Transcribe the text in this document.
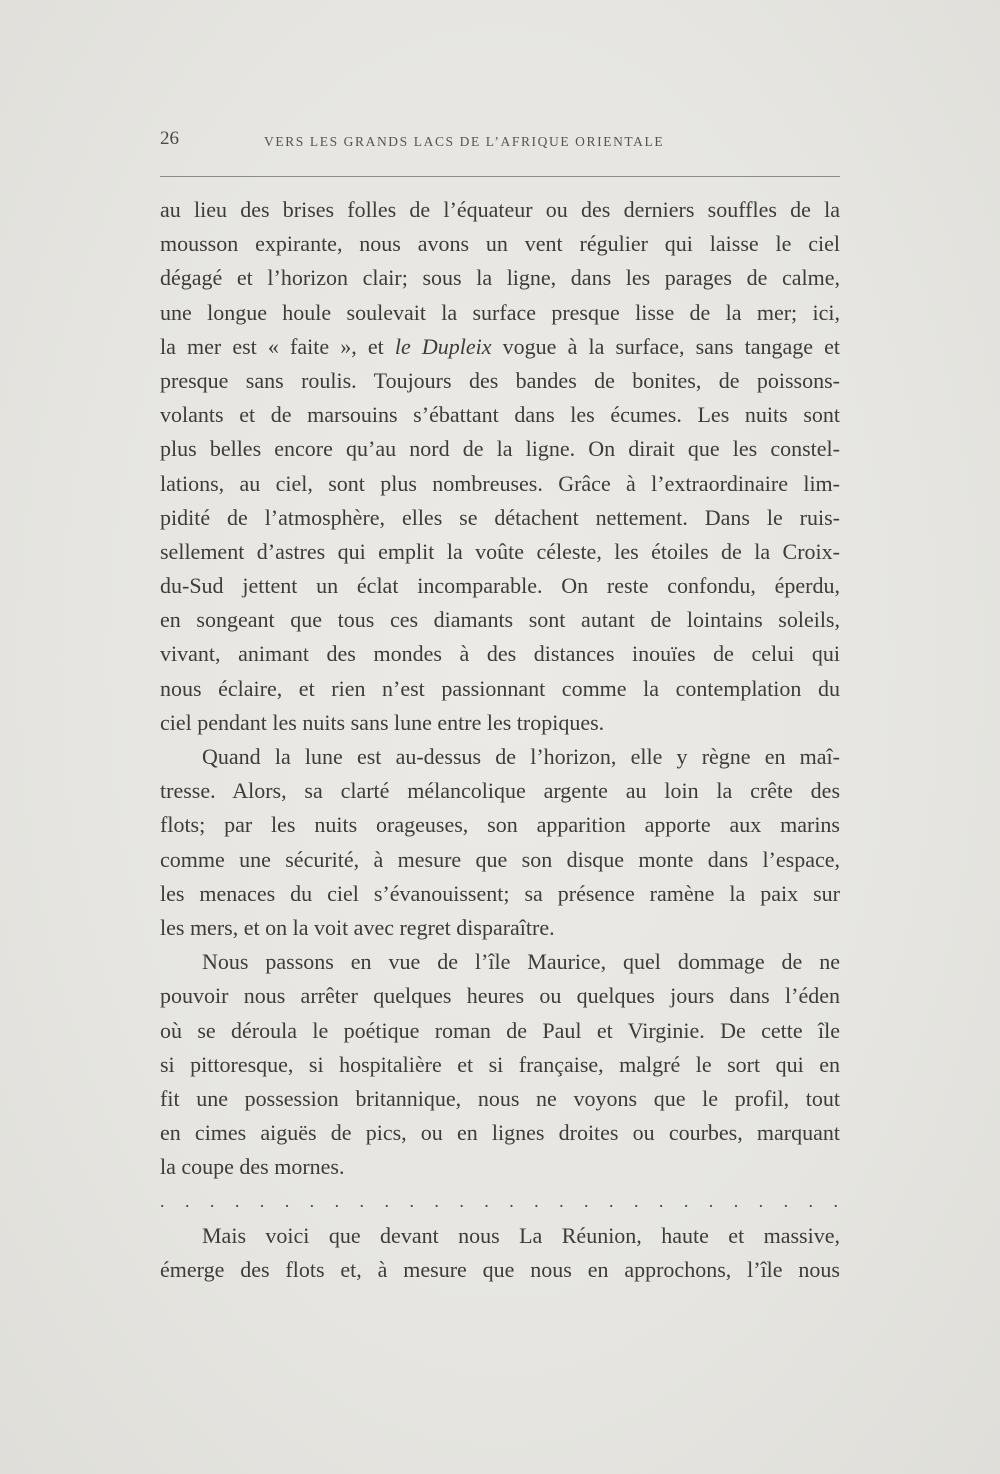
26	VERS LES GRANDS LACS DE L’AFRIQUE ORIENTALE
au lieu des brises folles de l’équateur ou des derniers souffles de la
mousson expirante, nous avons un vent régulier qui laisse le ciel
dégagé et l’horizon clair; sous la ligne, dans les parages de calme,
une longue houle soulevait la surface presque lisse de la mer; ici,
la mer est « faite », et le Dupleix vogue à la surface, sans tangage et
presque sans roulis. Toujours des bandes de bonites, de poissons-
volants et de marsouins s’ébattant dans les écumes. Les nuits sont
plus belles encore qu’au nord de la ligne. On dirait que les constel-
lations, au ciel, sont plus nombreuses. Grâce à l’extraordinaire lim-
pidité de l’atmosphère, elles se détachent nettement. Dans le ruis-
sellement d’astres qui emplit la voûte céleste, les étoiles de la Croix-
du-Sud jettent un éclat incomparable. On reste confondu, éperdu,
en songeant que tous ces diamants sont autant de lointains soleils,
vivant, animant des mondes à des distances inouïes de celui qui
nous éclaire, et rien n’est passionnant comme la contemplation du
ciel pendant les nuits sans lune entre les tropiques.
Quand la lune est au-dessus de l’horizon, elle y règne en maî-
tresse. Alors, sa clarté mélancolique argente au loin la crête des
flots; par les nuits orageuses, son apparition apporte aux marins
comme une sécurité, à mesure que son disque monte dans l’espace,
les menaces du ciel s’évanouissent; sa présence ramène la paix sur
les mers, et on la voit avec regret disparaître.
Nous passons en vue de l’île Maurice, quel dommage de ne
pouvoir nous arrêter quelques heures ou quelques jours dans l’éden
où se déroula le poétique roman de Paul et Virginie. De cette île
si pittoresque, si hospitalière et si française, malgré le sort qui en
fit une possession britannique, nous ne voyons que le profil, tout
en cimes aiguës de pics, ou en lignes droites ou courbes, marquant
la coupe des mornes.
. . . . . . . . . . . . . . . . . . . . . . . . . . . .
Mais voici que devant nous La Réunion, haute et massive,
émerge des flots et, à mesure que nous en approchons, l’île nous
